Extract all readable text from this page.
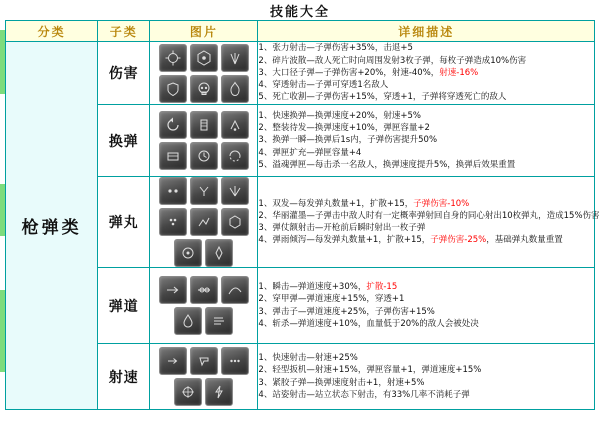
技能大全
分类	子类	图片	详细描述
枪弹类	伤害	

1、张力射击—子弹伤害+35%，击退+5
2、碎片波散—敌人死亡时向周围发射3枚子弹，每枚子弹造成10%伤害
3、大口径子弹—子弹伤害+20%，射速-40%，射速-16%
4、穿透射击—子弹可穿透1名敌人
5、死亡收割—子弹伤害+15%，穿透+1，子弹将穿透死亡的敌人

换弹	

1、快速换弹—换弹速度+20%，射速+5%
2、整装待发—换弹速度+10%，弹匣容量+2
3、换弹一瞬—换弹后1s内，子弹伤害提升50%
4、弹匣扩充—弹匣容量+4
5、溢魂弹匣—每击杀一名敌人，换弹速度提升5%，换弹后效果重置

弹丸	

1、双发—每发弹丸数量+1，扩散+15，子弹伤害-10%
2、华丽灌墨—子弹击中敌人时有一定概率弹射回自身的同心射出10枚弹丸，造成15%伤害
3、弹仗额射击—开枪前后瞬时射出一枚子弹
4、弹雨倾泻—每发弹丸数量+1，扩散+15，子弹伤害-25%，基础弹丸数量重置

弹道	

1、瞬击—弹道速度+30%，扩散-15
2、穿甲弹—弹道速度+15%，穿透+1
3、弹击子—弹道速度+25%，子弹伤害+15%
4、斩杀—弹道速度+10%，血量低于20%的敌人会被处决

射速	

1、快速射击—射速+25%
2、轻型扳机—射速+15%，弹匣容量+1，弹道速度+15%
3、紧胶子弹—换弹速度射击+1，射速+5%
4、站姿射击—站立状态下射击，有33%几率不消耗子弹
